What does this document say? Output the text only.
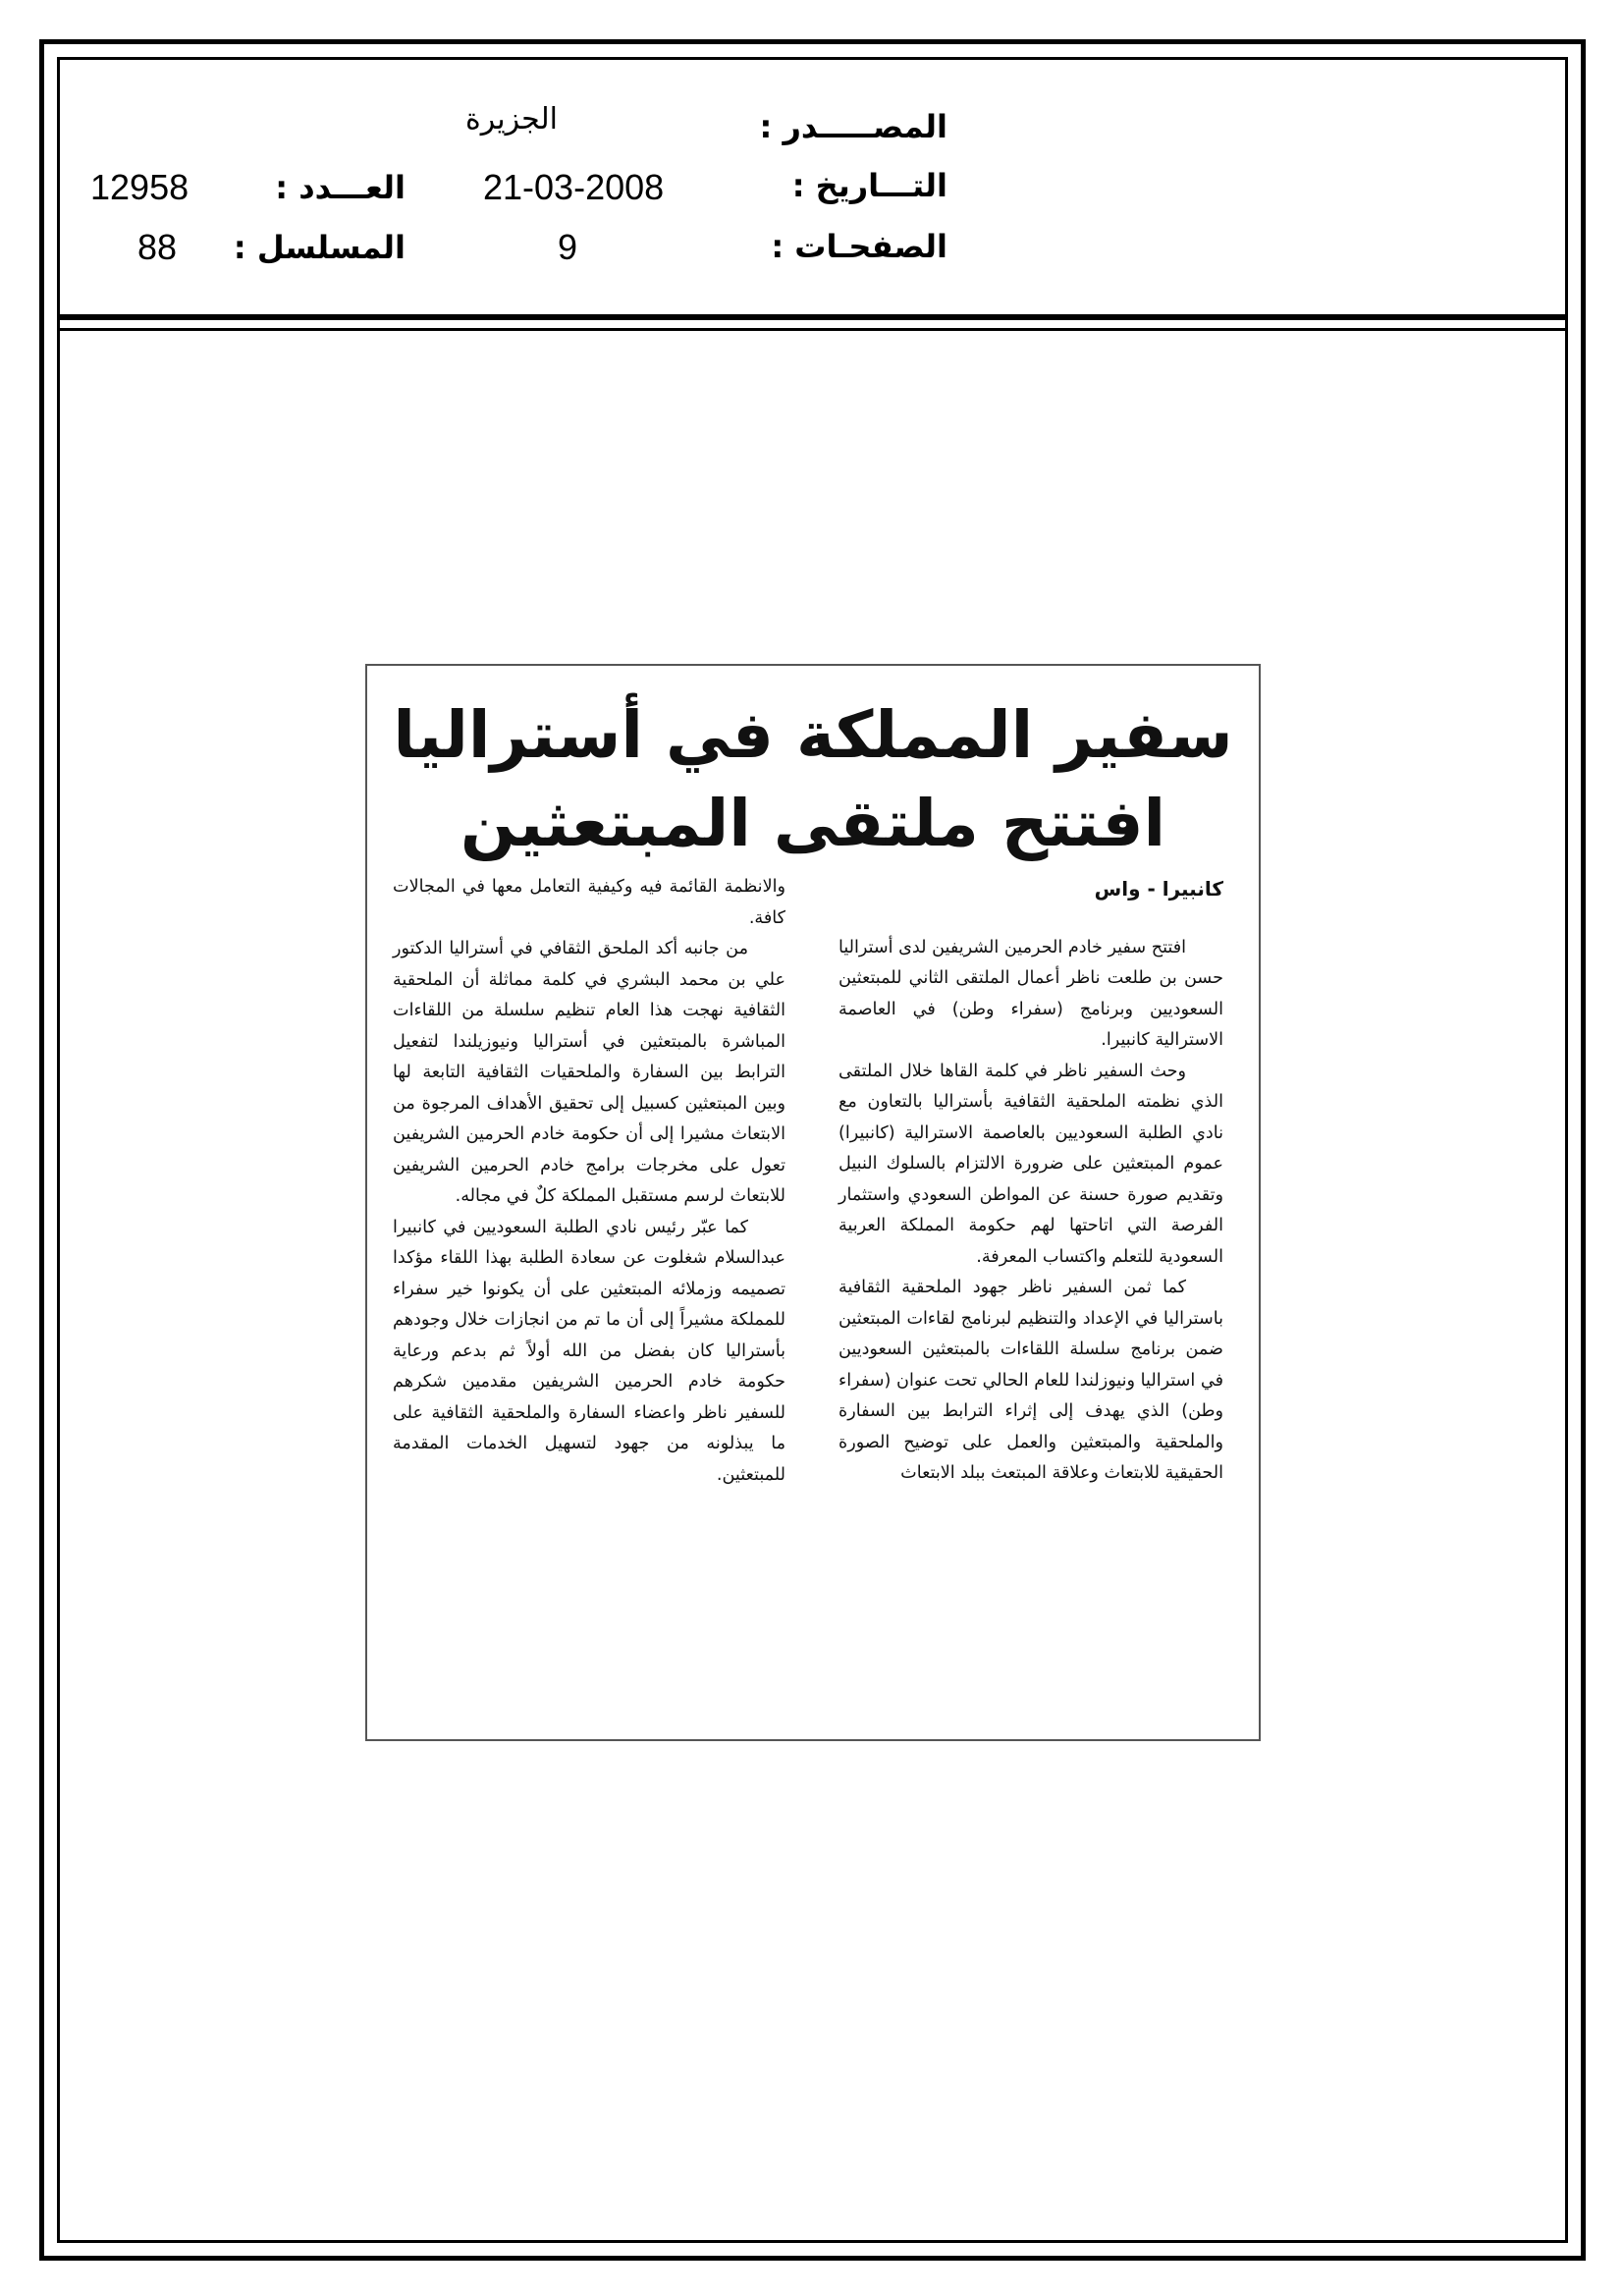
الجزيرة	المصـــــدر :
21-03-2008	التـــاريخ :
12958	العـــدد :
9	الصفحـات :
88 المسلسل :
سفير المملكة في أستراليا
افتتح ملتقى المبتعثين
كانبيرا - واس

افتتح سفير خادم الحرمين الشريفين لدى أستراليا حسن بن طلعت ناظر أعمال الملتقى الثاني للمبتعثين السعوديين وبرنامج (سفراء وطن) في العاصمة الاسترالية كانبيرا.

وحث السفير ناظر في كلمة القاها خلال الملتقى الذي نظمته الملحقية الثقافية بأستراليا بالتعاون مع نادي الطلبة السعوديين بالعاصمة الاسترالية (كانبيرا) عموم المبتعثين على ضرورة الالتزام بالسلوك النبيل وتقديم صورة حسنة عن المواطن السعودي واستثمار الفرصة التي اتاحتها لهم حكومة المملكة العربية السعودية للتعلم واكتساب المعرفة.

كما ثمن السفير ناظر جهود الملحقية الثقافية باستراليا في الإعداد والتنظيم لبرنامج لقاءات المبتعثين ضمن برنامج سلسلة اللقاءات بالمبتعثين السعوديين في استراليا ونيوزلندا للعام الحالي تحت عنوان (سفراء وطن) الذي يهدف إلى إثراء الترابط بين السفارة والملحقية والمبتعثين والعمل على توضيح الصورة الحقيقية للابتعاث وعلاقة المبتعث ببلد الابتعاث

والانظمة القائمة فيه وكيفية التعامل معها في المجالات كافة.

من جانبه أكد الملحق الثقافي في أستراليا الدكتور علي بن محمد البشري في كلمة مماثلة أن الملحقية الثقافية نهجت هذا العام تنظيم سلسلة من اللقاءات المباشرة بالمبتعثين في أستراليا ونيوزيلندا لتفعيل الترابط بين السفارة والملحقيات الثقافية التابعة لها وبين المبتعثين كسبيل إلى تحقيق الأهداف المرجوة من الابتعاث مشيرا إلى أن حكومة خادم الحرمين الشريفين تعول على مخرجات برامج خادم الحرمين الشريفين للابتعاث لرسم مستقبل المملكة كلٌ في مجاله.

كما عبّر رئيس نادي الطلبة السعوديين في كانبيرا عبدالسلام شغلوت عن سعادة الطلبة بهذا اللقاء مؤكدا تصميمه وزملائه المبتعثين على أن يكونوا خير سفراء للمملكة مشيراً إلى أن ما تم من انجازات خلال وجودهم بأستراليا كان بفضل من الله أولاً ثم بدعم ورعاية حكومة خادم الحرمين الشريفين مقدمين شكرهم للسفير ناظر واعضاء السفارة والملحقية الثقافية على ما يبذلونه من جهود لتسهيل الخدمات المقدمة للمبتعثين.
